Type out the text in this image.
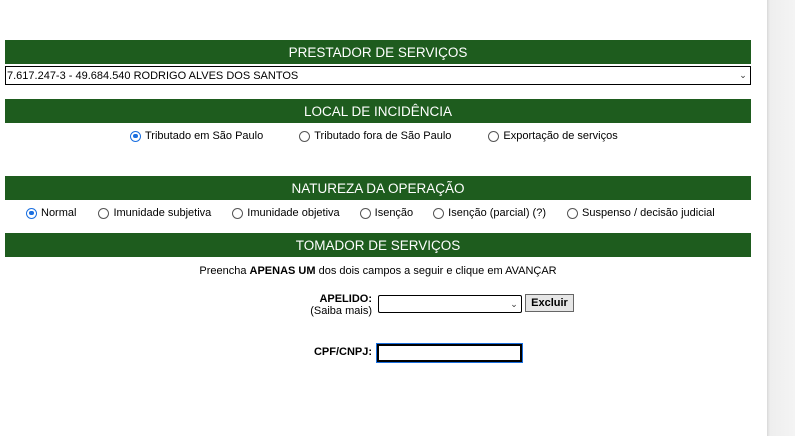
PRESTADOR DE SERVIÇOS
7.617.247-3 - 49.684.540 RODRIGO ALVES DOS SANTOS	⌄
LOCAL DE INCIDÊNCIA
Tributado em São Paulo	Tributado fora de São Paulo	Exportação de serviços
NATUREZA DA OPERAÇÃO
Normal	Imunidade subjetiva	Imunidade objetiva	Isenção	Isenção (parcial) (?)	Suspenso / decisão judicial
TOMADOR DE SERVIÇOS
Preencha APENAS UM dos dois campos a seguir e clique em AVANÇAR
APELIDO:
(Saiba mais)
⌄	Excluir
CPF/CNPJ:
